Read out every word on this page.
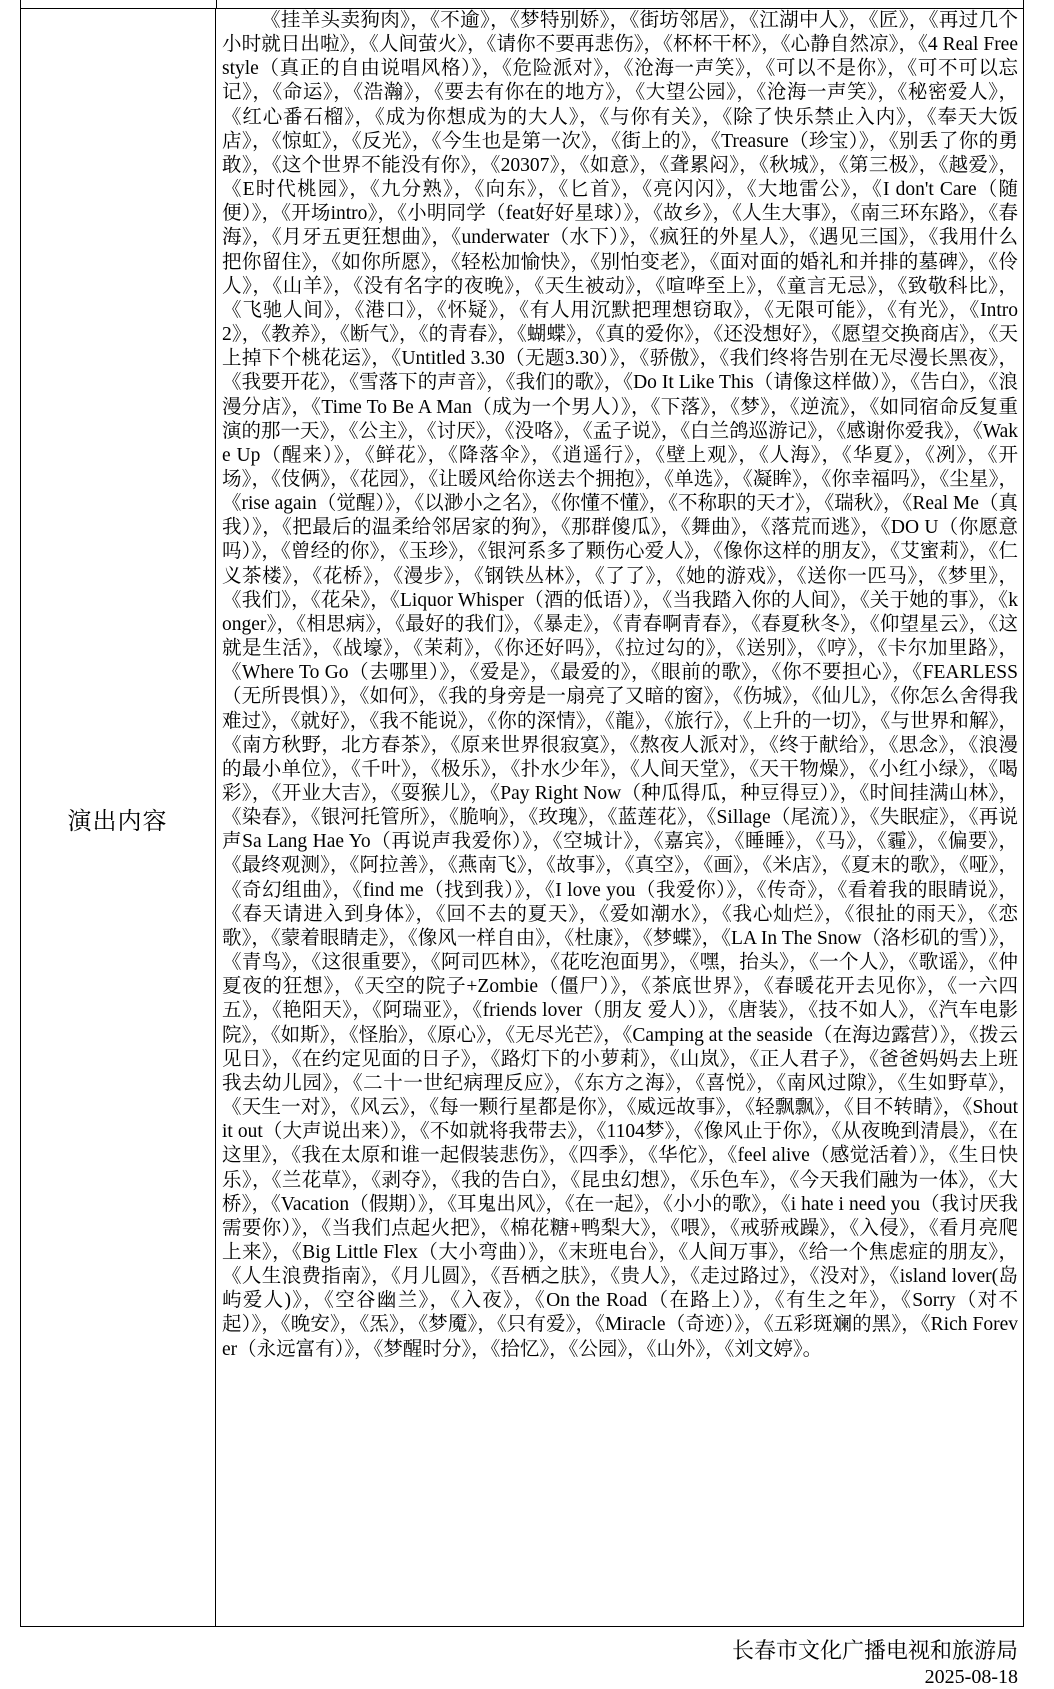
演出内容

《挂羊头卖狗肉》，《不逾》，《梦特别娇》，《街坊邻居》，《江湖中人》，《匠》，《再过几个小时就日出啦》，《人间萤火》，《请你不要再悲伤》，《杯杯干杯》，《心静自然凉》，《4 Real Freestyle（真正的自由说唱风格）》，《危险派对》，《沧海一声笑》，《可以不是你》，《可不可以忘记》，《命运》，《浩瀚》，《要去有你在的地方》，《大望公园》，《沧海一声笑》，《秘密爱人》，《红心番石榴》，《成为你想成为的大人》，《与你有关》，《除了快乐禁止入内》，《奉天大饭店》，《惊虹》，《反光》，《今生也是第一次》，《街上的》，《Treasure（珍宝）》，《别丢了你的勇敢》，《这个世界不能没有你》，《20307》，《如意》，《聋累闷》，《秋城》，《第三极》，《越爱》，《E时代桃园》，《九分熟》，《向东》，《匕首》，《亮闪闪》，《大地雷公》，《I don't Care（随便）》，《开场intro》，《小明同学（feat好好星球）》，《故乡》，《人生大事》，《南三环东路》，《春海》，《月牙五更狂想曲》，《underwater（水下）》，《疯狂的外星人》，《遇见三国》，《我用什么把你留住》，《如你所愿》，《轻松加愉快》，《别怕变老》，《面对面的婚礼和并排的墓碑》，《伶人》，《山羊》，《没有名字的夜晚》，《天生被动》，《喧哗至上》，《童言无忌》，《致敬科比》，《飞驰人间》，《港口》，《怀疑》，《有人用沉默把理想窃取》，《无限可能》，《有光》，《Intro 2》，《教养》，《断气》，《的青春》，《蝴蝶》，《真的爱你》，《还没想好》，《愿望交换商店》，《天上掉下个桃花运》，《Untitled 3.30（无题3.30）》，《骄傲》，《我们终将告别在无尽漫长黑夜》，《我要开花》，《雪落下的声音》，《我们的歌》，《Do It Like This（请像这样做）》，《告白》，《浪漫分店》，《Time To Be A Man（成为一个男人）》，《下落》，《梦》，《逆流》，《如同宿命反复重演的那一天》，《公主》，《讨厌》，《没咯》，《孟子说》，《白兰鸽巡游记》，《感谢你爱我》，《Wake Up（醒来）》，《鲜花》，《降落伞》，《逍遥行》，《壁上观》，《人海》，《华夏》，《冽》，《开场》，《伎俩》，《花园》，《让暖风给你送去个拥抱》，《单选》，《凝眸》，《你幸福吗》，《尘星》，《rise again（觉醒）》，《以渺小之名》，《你懂不懂》，《不称职的天才》，《瑞秋》，《Real Me（真我）》，《把最后的温柔给邻居家的狗》，《那群傻瓜》，《舞曲》，《落荒而逃》，《DO U（你愿意吗）》，《曾经的你》，《玉珍》，《银河系多了颗伤心爱人》，《像你这样的朋友》，《艾蜜莉》，《仁义茶楼》，《花桥》，《漫步》，《钢铁丛林》，《了了》，《她的游戏》，《送你一匹马》，《梦里》，《我们》，《花朵》，《Liquor Whisper（酒的低语）》，《当我踏入你的人间》，《关于她的事》，《konger》，《相思病》，《最好的我们》，《暴走》，《青春啊青春》，《春夏秋冬》，《仰望星云》，《这就是生活》，《战壕》，《茉莉》，《你还好吗》，《拉过勾的》，《送别》，《哼》，《卡尔加里路》，《Where To Go（去哪里）》，《爱是》，《最爱的》，《眼前的歌》，《你不要担心》，《FEARLESS（无所畏惧）》，《如何》，《我的身旁是一扇亮了又暗的窗》，《伤城》，《仙儿》，《你怎么舍得我难过》，《就好》，《我不能说》，《你的深情》，《龍》，《旅行》，《上升的一切》，《与世界和解》，《南方秋野，北方春茶》，《原来世界很寂寞》，《熬夜人派对》，《终于献给》，《思念》，《浪漫的最小单位》，《千叶》，《极乐》，《扑水少年》，《人间天堂》，《天干物燥》，《小红小绿》，《喝彩》，《开业大吉》，《耍猴儿》，《Pay Right Now（种瓜得瓜，种豆得豆）》，《时间挂满山林》，《染春》，《银河托管所》，《脆响》，《玫瑰》，《蓝莲花》，《Sillage（尾流）》，《失眠症》，《再说声Sa Lang Hae Yo（再说声我爱你）》，《空城计》，《嘉宾》，《睡睡》，《马》，《霾》，《偏要》，《最终观测》，《阿拉善》，《燕南飞》，《故事》，《真空》，《画》，《米店》，《夏末的歌》，《哑》，《奇幻组曲》，《find me（找到我）》，《I love you（我爱你）》，《传奇》，《看着我的眼睛说》，《春天请进入到身体》，《回不去的夏天》，《爱如潮水》，《我心灿烂》，《很扯的雨天》，《恋歌》，《蒙着眼睛走》，《像风一样自由》，《杜康》，《梦蝶》，《LA In The Snow（洛杉矶的雪）》，《青鸟》，《这很重要》，《阿司匹林》，《花吃泡面男》，《嘿，抬头》，《一个人》，《歌谣》，《仲夏夜的狂想》，《天空的院子+Zombie（僵尸）》，《茶底世界》，《春暖花开去见你》，《一六四五》，《艳阳天》，《阿瑞亚》，《friends lover（朋友 爱人）》，《唐装》，《技不如人》，《汽车电影院》，《如斯》，《怪胎》，《原心》，《无尽光芒》，《Camping at the seaside（在海边露营）》，《拨云见日》，《在约定见面的日子》，《路灯下的小萝莉》，《山岚》，《正人君子》，《爸爸妈妈去上班我去幼儿园》，《二十一世纪病理反应》，《东方之海》，《喜悦》，《南风过隙》，《生如野草》，《天生一对》，《风云》，《每一颗行星都是你》，《威远故事》，《轻飘飘》，《目不转睛》，《Shout it out（大声说出来）》，《不如就将我带去》，《1104梦》，《像风止于你》，《从夜晚到清晨》，《在这里》，《我在太原和谁一起假装悲伤》，《四季》，《华佗》，《feel alive（感觉活着）》，《生日快乐》，《兰花草》，《剥夺》，《我的告白》，《昆虫幻想》，《乐色车》，《今天我们融为一体》，《大桥》，《Vacation（假期）》，《耳鬼出风》，《在一起》，《小小的歌》，《i hate i need you（我讨厌我需要你）》，《当我们点起火把》，《棉花糖+鸭梨大》，《喂》，《戒骄戒躁》，《入侵》，《看月亮爬上来》，《Big Little Flex（大小弯曲）》，《末班电台》，《人间万事》，《给一个焦虑症的朋友》，《人生浪费指南》，《月儿圆》，《吾栖之肤》，《贵人》，《走过路过》，《没对》，《island lover(岛屿爱人)》，《空谷幽兰》，《入夜》，《On the Road（在路上）》，《有生之年》，《Sorry（对不起）》，《晚安》，《炁》，《梦魇》，《只有爱》，《Miracle（奇迹）》，《五彩斑斓的黑》，《Rich Forever（永远富有）》，《梦醒时分》，《拾忆》，《公园》，《山外》，《刘文婷》。

长春市文化广播电视和旅游局
2025-08-18
